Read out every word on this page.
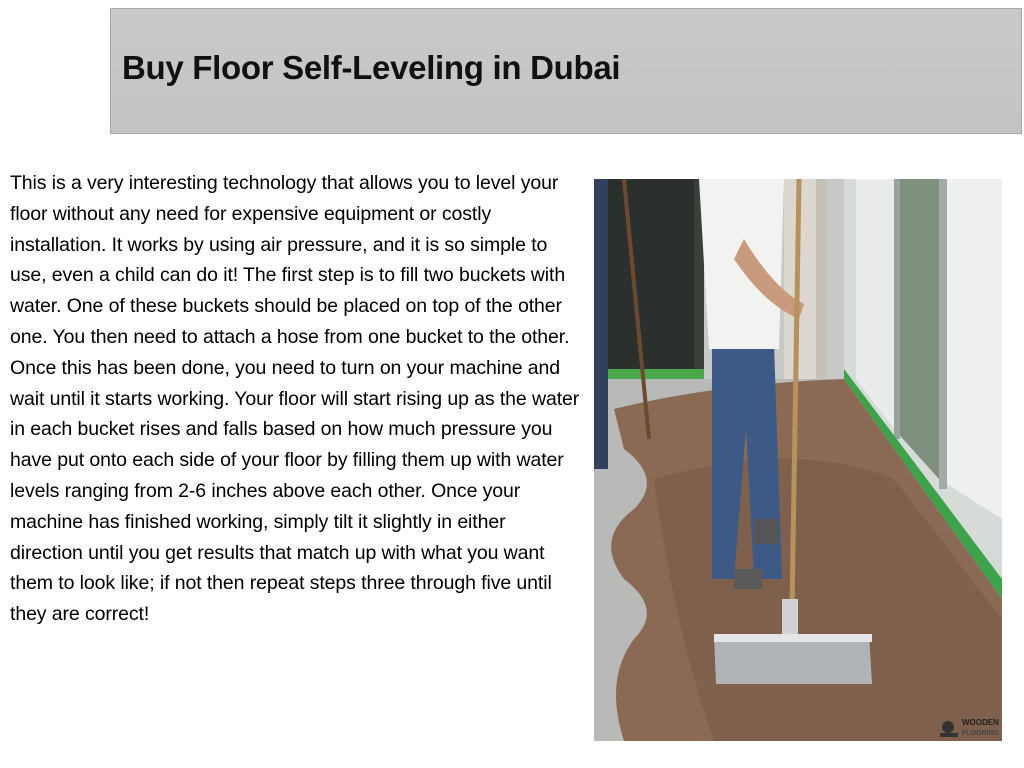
Buy Floor Self-Leveling in Dubai

This is a very interesting technology that allows you to level your floor without any need for expensive equipment or costly installation. It works by using air pressure, and it is so simple to use, even a child can do it! The first step is to fill two buckets with water. One of these buckets should be placed on top of the other one. You then need to attach a hose from one bucket to the other. Once this has been done, you need to turn on your machine and wait until it starts working. Your floor will start rising up as the water in each bucket rises and falls based on how much pressure you have put onto each side of your floor by filling them up with water levels ranging from 2-6 inches above each other. Once your machine has finished working, simply tilt it slightly in either direction until you get results that match up with what you want them to look like; if not then repeat steps three through five until they are correct!

WOODEN
FLOORING
